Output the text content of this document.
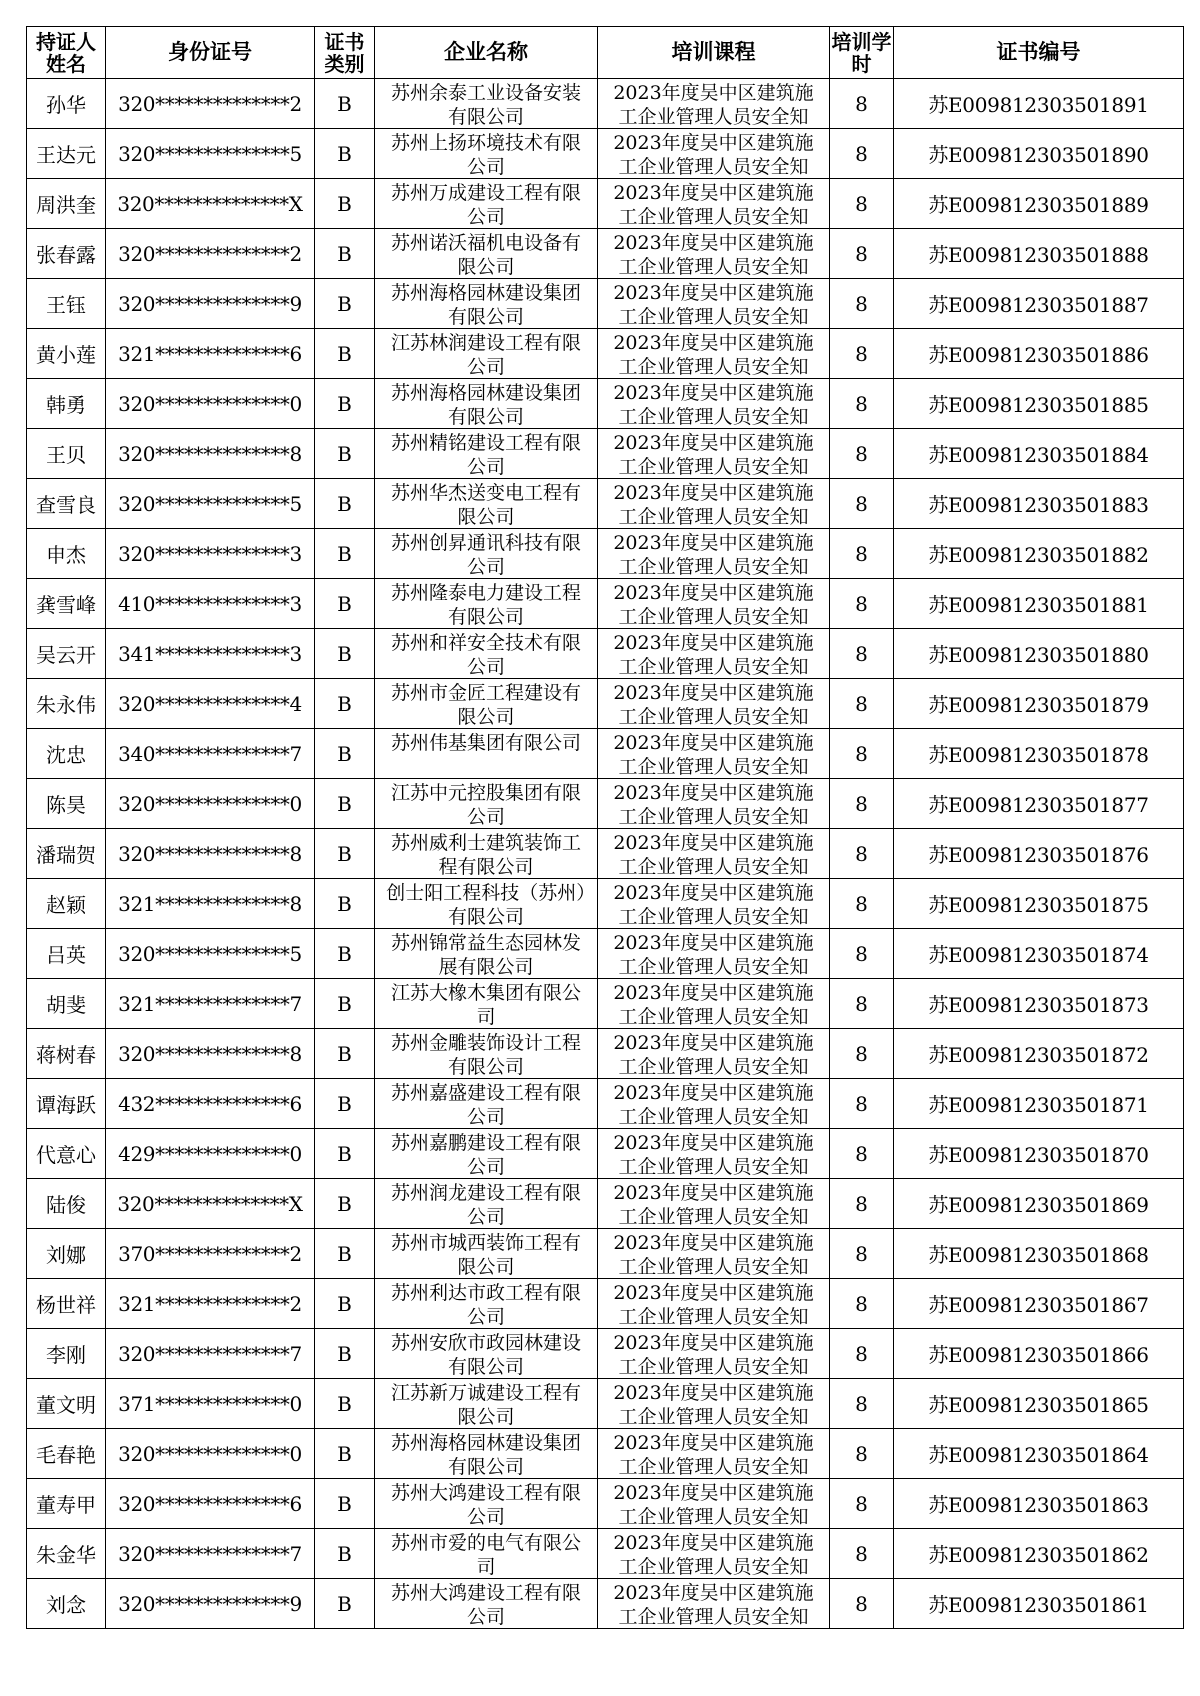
持证人姓名	身份证号	证书类别	企业名称	培训课程	培训学时	证书编号
孙华	320**************2	B	苏州余泰工业设备安装有限公司	2023年度吴中区建筑施工企业管理人员安全知	8	苏E009812303501891
王达元	320**************5	B	苏州上扬环境技术有限公司	2023年度吴中区建筑施工企业管理人员安全知	8	苏E009812303501890
周洪奎	320**************X	B	苏州万成建设工程有限公司	2023年度吴中区建筑施工企业管理人员安全知	8	苏E009812303501889
张春露	320**************2	B	苏州诺沃福机电设备有限公司	2023年度吴中区建筑施工企业管理人员安全知	8	苏E009812303501888
王钰	320**************9	B	苏州海格园林建设集团有限公司	2023年度吴中区建筑施工企业管理人员安全知	8	苏E009812303501887
黄小莲	321**************6	B	江苏林润建设工程有限公司	2023年度吴中区建筑施工企业管理人员安全知	8	苏E009812303501886
韩勇	320**************0	B	苏州海格园林建设集团有限公司	2023年度吴中区建筑施工企业管理人员安全知	8	苏E009812303501885
王贝	320**************8	B	苏州精铭建设工程有限公司	2023年度吴中区建筑施工企业管理人员安全知	8	苏E009812303501884
查雪良	320**************5	B	苏州华杰送变电工程有限公司	2023年度吴中区建筑施工企业管理人员安全知	8	苏E009812303501883
申杰	320**************3	B	苏州创昇通讯科技有限公司	2023年度吴中区建筑施工企业管理人员安全知	8	苏E009812303501882
龚雪峰	410**************3	B	苏州隆泰电力建设工程有限公司	2023年度吴中区建筑施工企业管理人员安全知	8	苏E009812303501881
吴云开	341**************3	B	苏州和祥安全技术有限公司	2023年度吴中区建筑施工企业管理人员安全知	8	苏E009812303501880
朱永伟	320**************4	B	苏州市金匠工程建设有限公司	2023年度吴中区建筑施工企业管理人员安全知	8	苏E009812303501879
沈忠	340**************7	B	苏州伟基集团有限公司	2023年度吴中区建筑施工企业管理人员安全知	8	苏E009812303501878
陈昊	320**************0	B	江苏中元控股集团有限公司	2023年度吴中区建筑施工企业管理人员安全知	8	苏E009812303501877
潘瑞贺	320**************8	B	苏州威利士建筑装饰工程有限公司	2023年度吴中区建筑施工企业管理人员安全知	8	苏E009812303501876
赵颖	321**************8	B	创士阳工程科技（苏州）有限公司	2023年度吴中区建筑施工企业管理人员安全知	8	苏E009812303501875
吕英	320**************5	B	苏州锦常益生态园林发展有限公司	2023年度吴中区建筑施工企业管理人员安全知	8	苏E009812303501874
胡斐	321**************7	B	江苏大橡木集团有限公司	2023年度吴中区建筑施工企业管理人员安全知	8	苏E009812303501873
蒋树春	320**************8	B	苏州金雕装饰设计工程有限公司	2023年度吴中区建筑施工企业管理人员安全知	8	苏E009812303501872
谭海跃	432**************6	B	苏州嘉盛建设工程有限公司	2023年度吴中区建筑施工企业管理人员安全知	8	苏E009812303501871
代意心	429**************0	B	苏州嘉鹏建设工程有限公司	2023年度吴中区建筑施工企业管理人员安全知	8	苏E009812303501870
陆俊	320**************X	B	苏州润龙建设工程有限公司	2023年度吴中区建筑施工企业管理人员安全知	8	苏E009812303501869
刘娜	370**************2	B	苏州市城西装饰工程有限公司	2023年度吴中区建筑施工企业管理人员安全知	8	苏E009812303501868
杨世祥	321**************2	B	苏州利达市政工程有限公司	2023年度吴中区建筑施工企业管理人员安全知	8	苏E009812303501867
李刚	320**************7	B	苏州安欣市政园林建设有限公司	2023年度吴中区建筑施工企业管理人员安全知	8	苏E009812303501866
董文明	371**************0	B	江苏新万诚建设工程有限公司	2023年度吴中区建筑施工企业管理人员安全知	8	苏E009812303501865
毛春艳	320**************0	B	苏州海格园林建设集团有限公司	2023年度吴中区建筑施工企业管理人员安全知	8	苏E009812303501864
董寿甲	320**************6	B	苏州大鸿建设工程有限公司	2023年度吴中区建筑施工企业管理人员安全知	8	苏E009812303501863
朱金华	320**************7	B	苏州市爱的电气有限公司	2023年度吴中区建筑施工企业管理人员安全知	8	苏E009812303501862
刘念	320**************9	B	苏州大鸿建设工程有限公司	2023年度吴中区建筑施工企业管理人员安全知	8	苏E009812303501861
